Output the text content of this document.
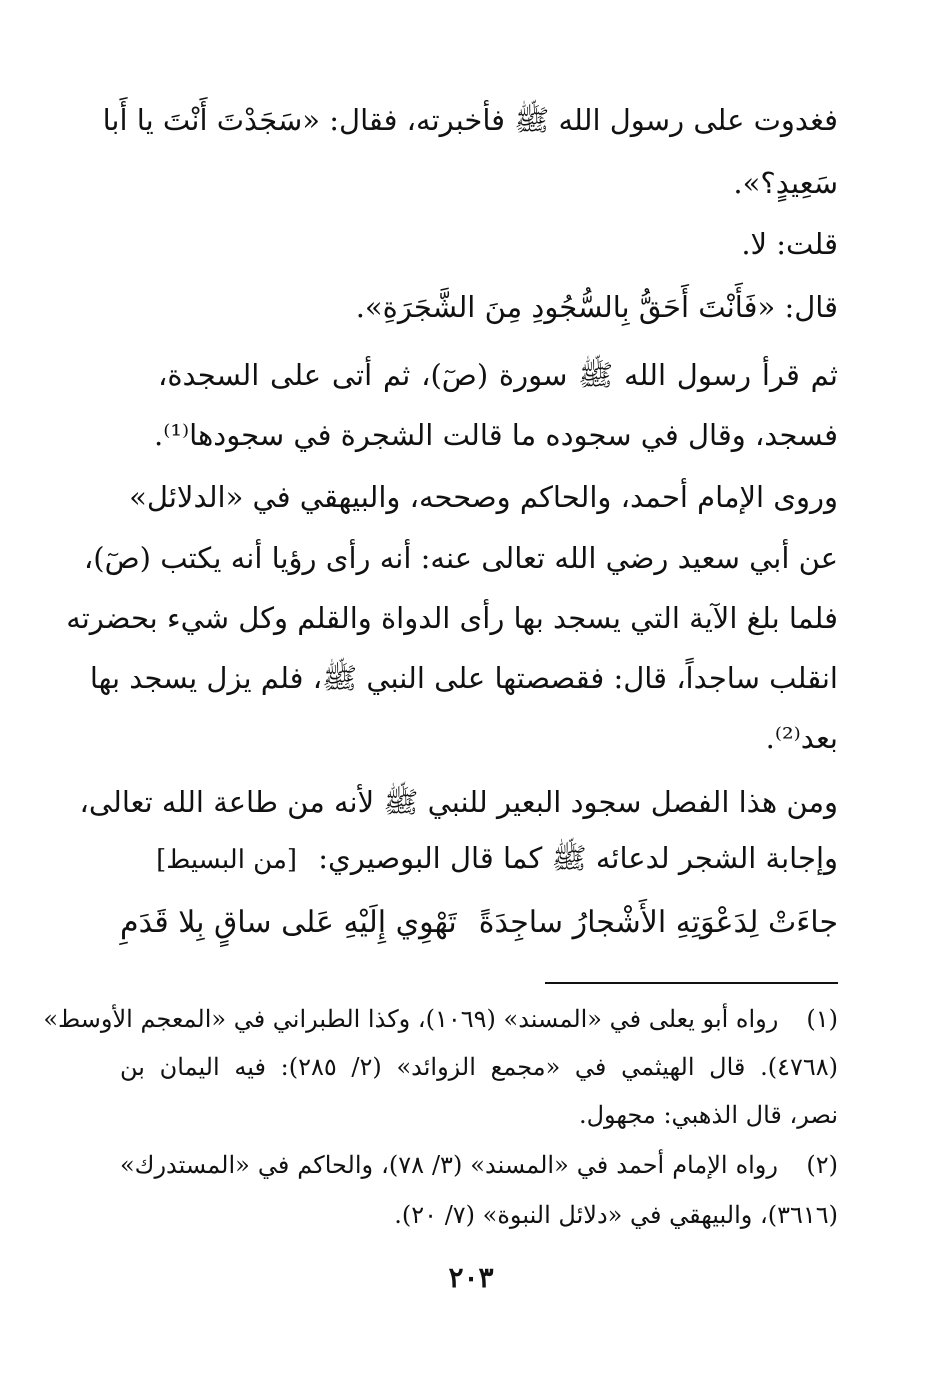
فغدوت على رسول الله ﷺ فأخبرته، فقال: «سَجَدْتَ أَنْتَ يا أَبا
سَعِيدٍ؟».
قلت: لا.
قال: «فَأَنْتَ أَحَقُّ بِالسُّجُودِ مِنَ الشَّجَرَةِ».
ثم قرأ رسول الله ﷺ سورة (صٓ)، ثم أتى على السجدة،
فسجد، وقال في سجوده ما قالت الشجرة في سجودها⁽¹⁾.
وروى الإمام أحمد، والحاكم وصححه، والبيهقي في «الدلائل»
عن أبي سعيد رضي الله تعالى عنه: أنه رأى رؤيا أنه يكتب (صٓ)،
فلما بلغ الآية التي يسجد بها رأى الدواة والقلم وكل شيء بحضرته
انقلب ساجداً، قال: فقصصتها على النبي ﷺ، فلم يزل يسجد بها
بعد⁽²⁾.
ومن هذا الفصل سجود البعير للنبي ﷺ لأنه من طاعة الله تعالى،
وإجابة الشجر لدعائه ﷺ كما قال البوصيري: [من البسيط]
جاءَتْ لِدَعْوَتِهِ الأَشْجارُ ساجِدَةً
تَهْوِي إِلَيْهِ عَلى ساقٍ بِلا قَدَمِ
(١) رواه أبو يعلى في «المسند» (١٠٦٩)، وكذا الطبراني في «المعجم الأوسط»
(٤٧٦٨). قال الهيثمي في «مجمع الزوائد» (٢/ ٢٨٥): فيه اليمان بن
نصر، قال الذهبي: مجهول.
(٢) رواه الإمام أحمد في «المسند» (٣/ ٧٨)، والحاكم في «المستدرك»
(٣٦١٦)، والبيهقي في «دلائل النبوة» (٧/ ٢٠).
٢٠٣
